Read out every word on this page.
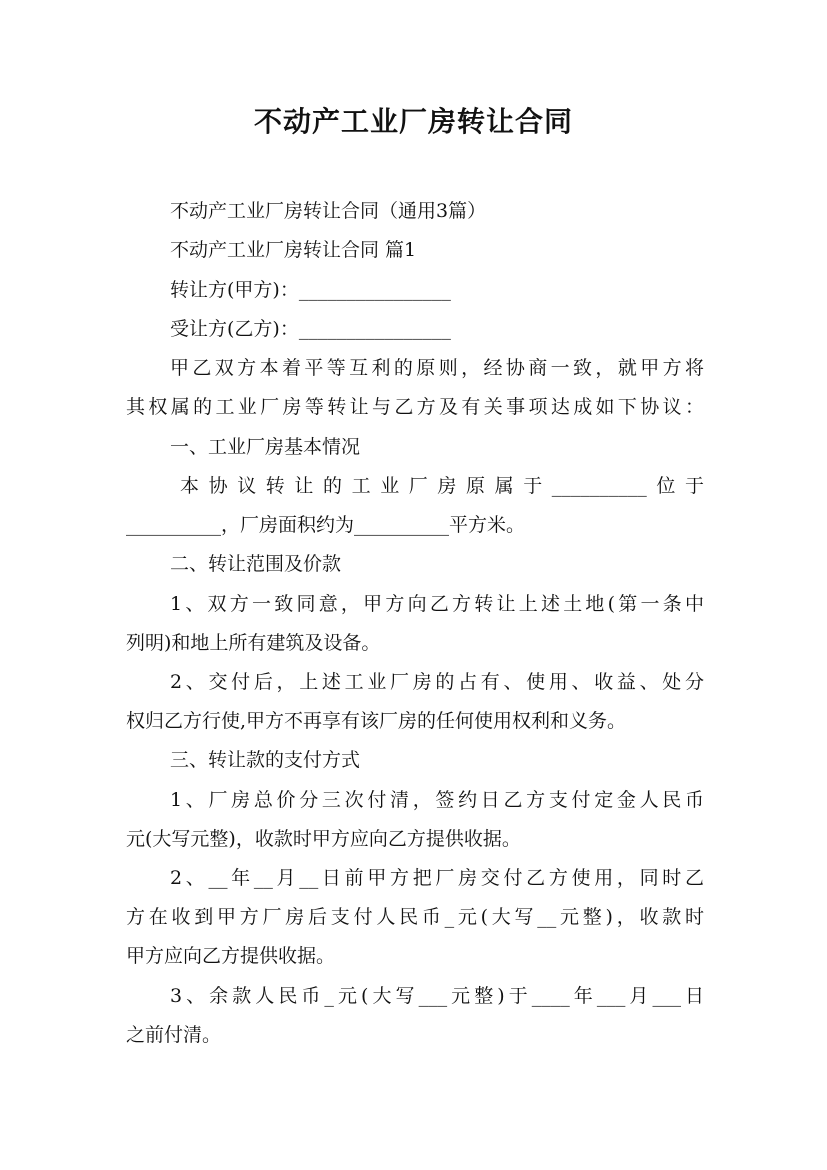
不动产工业厂房转让合同
不动产工业厂房转让合同（通用3篇）
不动产工业厂房转让合同 篇1
转让方(甲方)：________________
受让方(乙方)：________________
甲乙双方本着平等互利的原则，经协商一致，就甲方将
其权属的工业厂房等转让与乙方及有关事项达成如下协议：
一、工业厂房基本情况
本协议转让的工业厂房原属于__________位于
__________，厂房面积约为__________平方米。
二、转让范围及价款
1、双方一致同意，甲方向乙方转让上述土地(第一条中
列明)和地上所有建筑及设备。
2、交付后，上述工业厂房的占有、使用、收益、处分
权归乙方行使,甲方不再享有该厂房的任何使用权利和义务。
三、转让款的支付方式
1、厂房总价分三次付清，签约日乙方支付定金人民币
元(大写元整)，收款时甲方应向乙方提供收据。
2、__年__月__日前甲方把厂房交付乙方使用，同时乙
方在收到甲方厂房后支付人民币_元(大写__元整)，收款时
甲方应向乙方提供收据。
3、余款人民币_元(大写___元整)于____年___月___日
之前付清。
